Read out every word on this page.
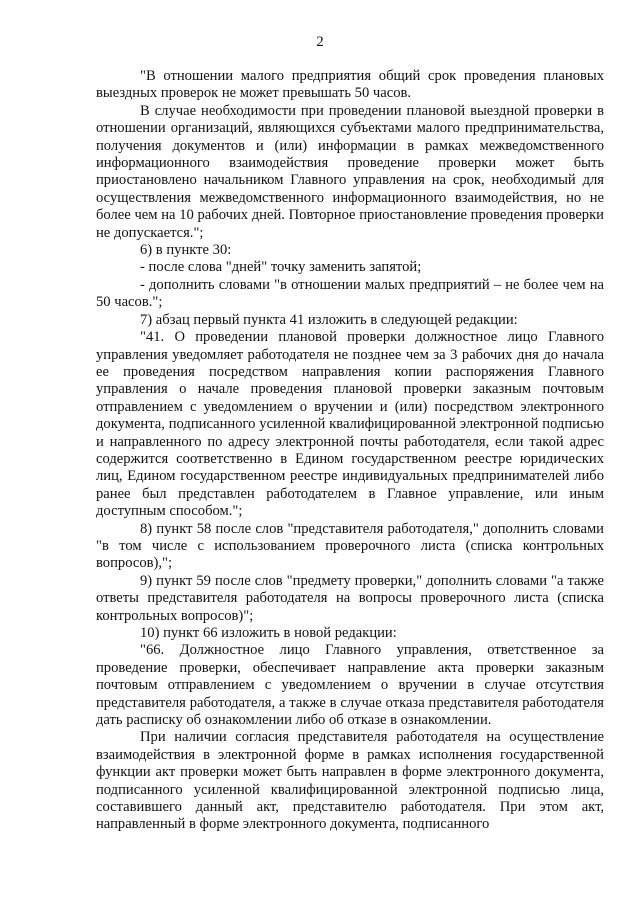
2

"В отношении малого предприятия общий срок проведения плановых выездных проверок не может превышать 50 часов.

В случае необходимости при проведении плановой выездной проверки в отношении организаций, являющихся субъектами малого предпринимательства, получения документов и (или) информации в рамках межведомственного информационного взаимодействия проведение проверки может быть приостановлено начальником Главного управления на срок, необходимый для осуществления межведомственного информационного взаимодействия, но не более чем на 10 рабочих дней. Повторное приостановление проведения проверки не допускается.";

6) в пункте 30:

- после слова "дней" точку заменить запятой;

- дополнить словами "в отношении малых предприятий – не более чем на 50 часов.";

7) абзац первый пункта 41 изложить в следующей редакции:

"41. О проведении плановой проверки должностное лицо Главного управления уведомляет работодателя не позднее чем за 3 рабочих дня до начала ее проведения посредством направления копии распоряжения Главного управления о начале проведения плановой проверки заказным почтовым отправлением с уведомлением о вручении и (или) посредством электронного документа, подписанного усиленной квалифицированной электронной подписью и направленного по адресу электронной почты работодателя, если такой адрес содержится соответственно в Едином государственном реестре юридических лиц, Едином государственном реестре индивидуальных предпринимателей либо ранее был представлен работодателем в Главное управление, или иным доступным способом.";

8) пункт 58 после слов "представителя работодателя," дополнить словами "в том числе с использованием проверочного листа (списка контрольных вопросов),";

9) пункт 59 после слов "предмету проверки," дополнить словами "а также ответы представителя работодателя на вопросы проверочного листа (списка контрольных вопросов)";

10) пункт 66 изложить в новой редакции:

"66. Должностное лицо Главного управления, ответственное за проведение проверки, обеспечивает направление акта проверки заказным почтовым отправлением с уведомлением о вручении в случае отсутствия представителя работодателя, а также в случае отказа представителя работодателя дать расписку об ознакомлении либо об отказе в ознакомлении.

При наличии согласия представителя работодателя на осуществление взаимодействия в электронной форме в рамках исполнения государственной функции акт проверки может быть направлен в форме электронного документа, подписанного усиленной квалифицированной электронной подписью лица, составившего данный акт, представителю работодателя. При этом акт, направленный в форме электронного документа, подписанного
